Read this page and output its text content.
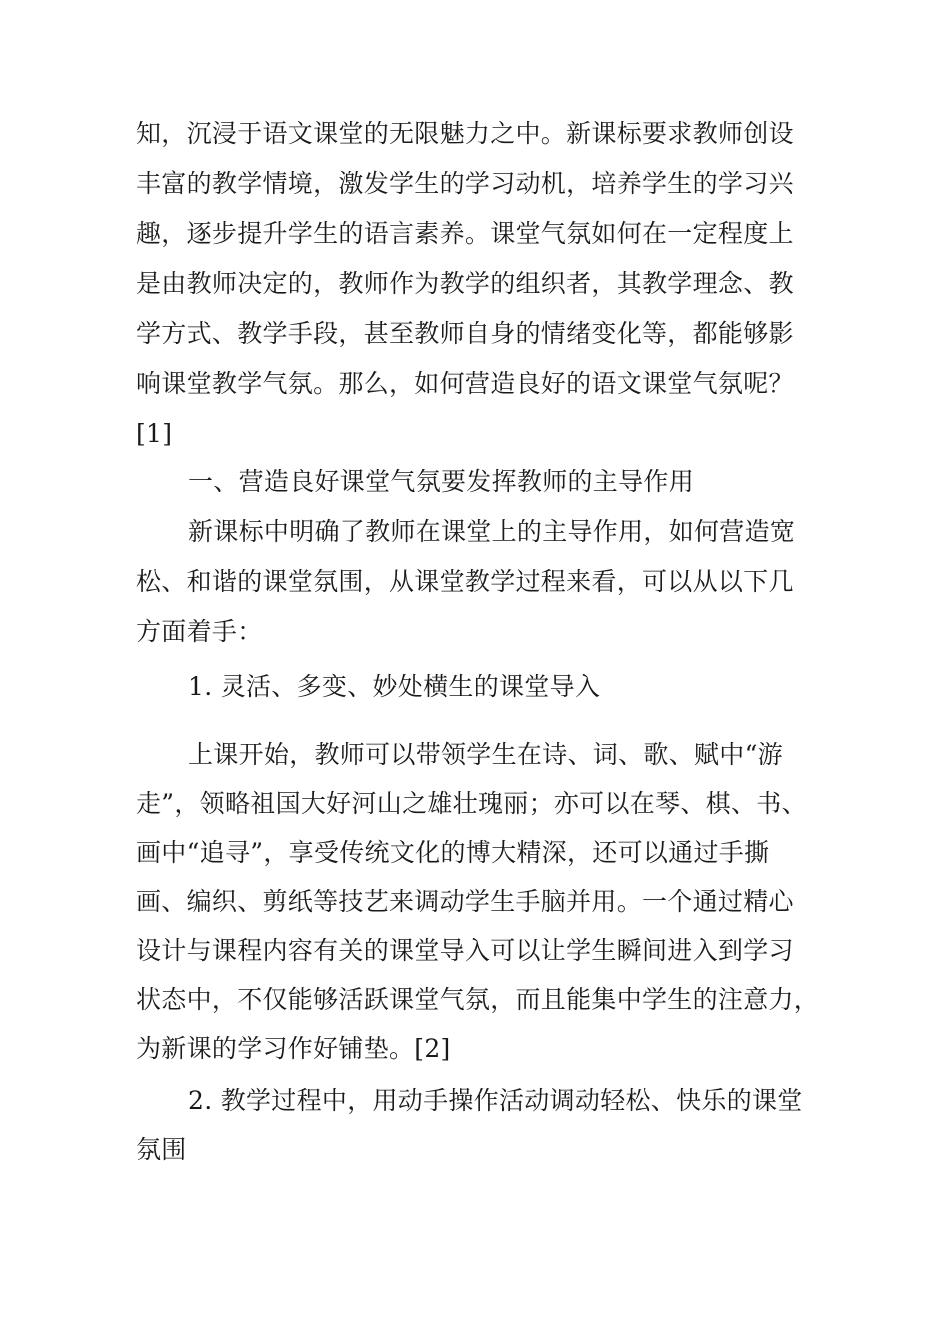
知，沉浸于语文课堂的无限魅力之中。新课标要求教师创设
丰富的教学情境，激发学生的学习动机，培养学生的学习兴
趣，逐步提升学生的语言素养。课堂气氛如何在一定程度上
是由教师决定的，教师作为教学的组织者，其教学理念、教
学方式、教学手段，甚至教师自身的情绪变化等，都能够影
响课堂教学气氛。那么，如何营造良好的语文课堂气氛呢？
[1]
一、营造良好课堂气氛要发挥教师的主导作用
新课标中明确了教师在课堂上的主导作用，如何营造宽
松、和谐的课堂氛围，从课堂教学过程来看，可以从以下几
方面着手：
1. 灵活、多变、妙处横生的课堂导入
上课开始，教师可以带领学生在诗、词、歌、赋中“游
走”，领略祖国大好河山之雄壮瑰丽；亦可以在琴、棋、书、
画中“追寻”，享受传统文化的博大精深，还可以通过手撕
画、编织、剪纸等技艺来调动学生手脑并用。一个通过精心
设计与课程内容有关的课堂导入可以让学生瞬间进入到学习
状态中，不仅能够活跃课堂气氛，而且能集中学生的注意力，
为新课的学习作好铺垫。[2]
2. 教学过程中，用动手操作活动调动轻松、快乐的课堂
氛围
